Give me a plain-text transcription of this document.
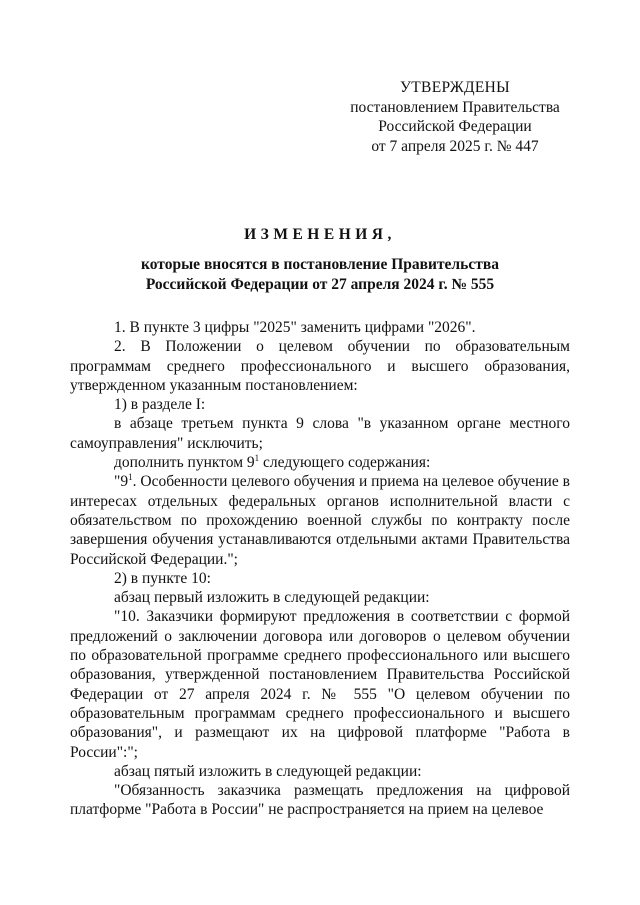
УТВЕРЖДЕНЫ
постановлением Правительства
Российской Федерации
от 7 апреля 2025 г. № 447
ИЗМЕНЕНИЯ,
которые вносятся в постановление Правительства
Российской Федерации от 27 апреля 2024 г. № 555

1. В пункте 3 цифры "2025" заменить цифрами "2026".

2. В Положении о целевом обучении по образовательным программам среднего профессионального и высшего образования, утвержденном указанным постановлением:

1) в разделе I:

в абзаце третьем пункта 9 слова "в указанном органе местного самоуправления" исключить;

дополнить пунктом $9^1$ следующего содержания:

"$9^1$. Особенности целевого обучения и приема на целевое обучение в интересах отдельных федеральных органов исполнительной власти с обязательством по прохождению военной службы по контракту после завершения обучения устанавливаются отдельными актами Правительства Российской Федерации.";

2) в пункте 10:

абзац первый изложить в следующей редакции:

"10. Заказчики формируют предложения в соответствии с формой предложений о заключении договора или договоров о целевом обучении по образовательной программе среднего профессионального или высшего образования, утвержденной постановлением Правительства Российской Федерации от 27 апреля 2024 г. № 555 "О целевом обучении по образовательным программам среднего профессионального и высшего образования", и размещают их на цифровой платформе "Работа в России":";

абзац пятый изложить в следующей редакции:

"Обязанность заказчика размещать предложения на цифровой платформе "Работа в России" не распространяется на прием на целевое
